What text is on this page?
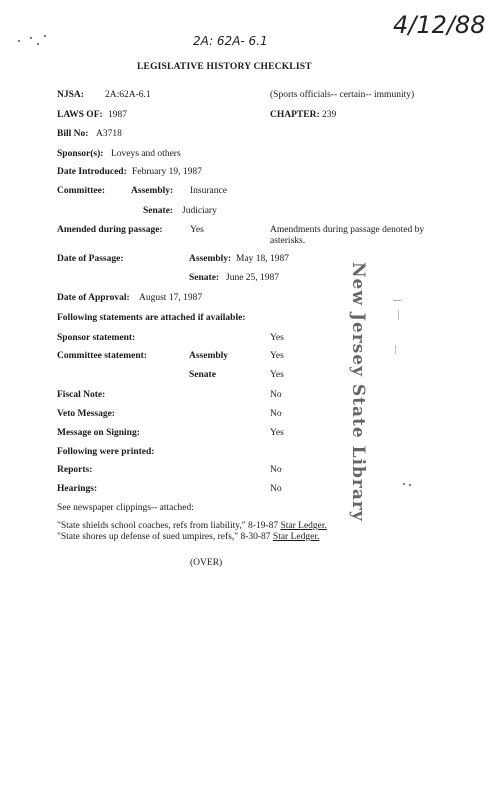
4/12/88
2A: 62A- 6.1
LEGISLATIVE HISTORY CHECKLIST
NJSA: 2A:62A-6.1	(Sports officials-- certain-- immunity)
LAWS OF: 1987	CHAPTER: 239
Bill No: A3718
Sponsor(s): Loveys and others
Date Introduced: February 19, 1987
Committee:	Assembly: Insurance
Senate: Judiciary
Amended during passage:	Yes	Amendments during passage denoted by asterisks.
Date of Passage:	Assembly: May 18, 1987
Senate: June 25, 1987
Date of Approval: August 17, 1987
Following statements are attached if available:
Sponsor statement:	Yes
Committee statement:	Assembly	Yes
Senate	Yes
Fiscal Note:	No
Veto Message:	No
Message on Signing:	Yes
Following were printed:
Reports:	No
Hearings:	No
See newspaper clippings-- attached:
"State shields school coaches, refs from liability," 8-19-87 Star Ledger.
"State shores up defense of sued umpires, refs," 8-30-87 Star Ledger.
(OVER)
New Jersey State Library
